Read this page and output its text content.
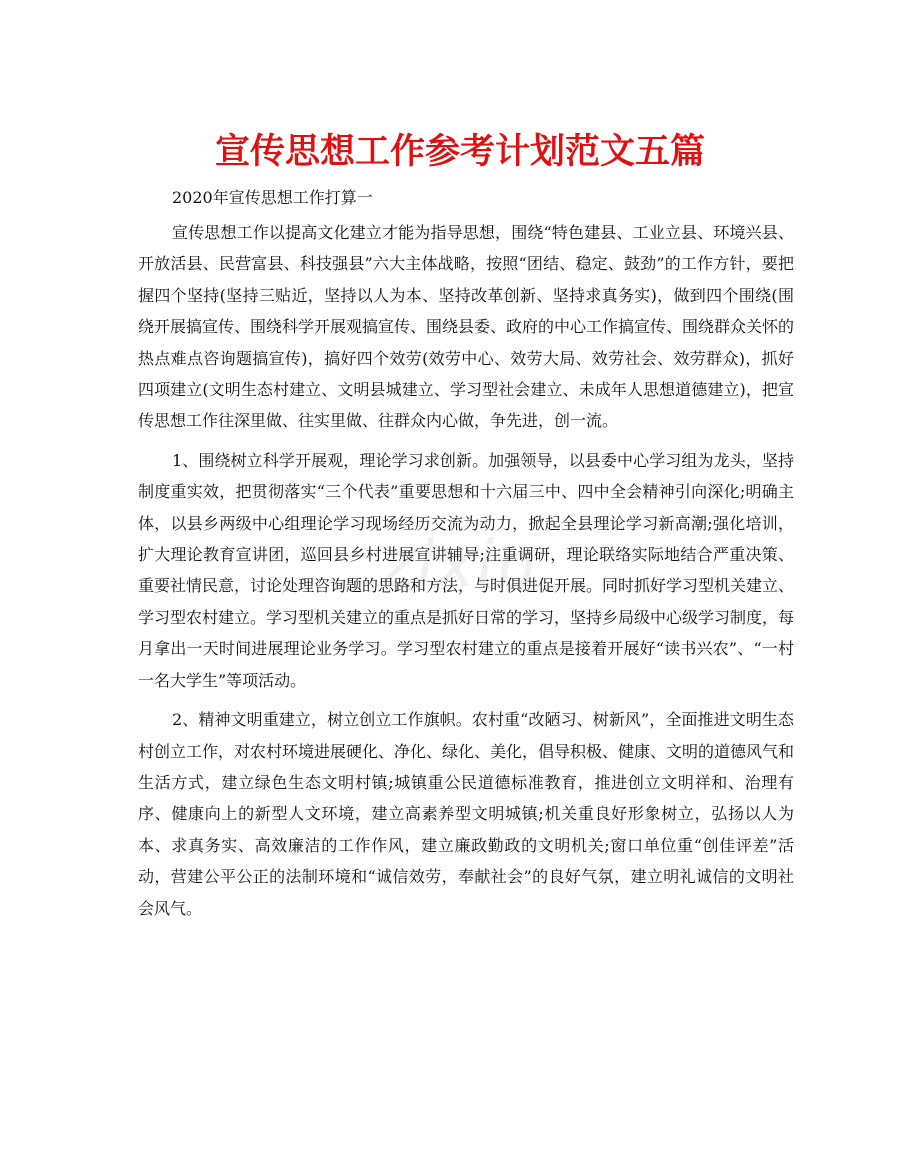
宣传思想工作参考计划范文五篇
zixin

2020年宣传思想工作打算一

宣传思想工作以提高文化建立才能为指导思想，围绕“特色建县、工业立县、环境兴县、开放活县、民营富县、科技强县”六大主体战略，按照“团结、稳定、鼓劲”的工作方针，要把握四个坚持(坚持三贴近，坚持以人为本、坚持改革创新、坚持求真务实)，做到四个围绕(围绕开展搞宣传、围绕科学开展观搞宣传、围绕县委、政府的中心工作搞宣传、围绕群众关怀的热点难点咨询题搞宣传)，搞好四个效劳(效劳中心、效劳大局、效劳社会、效劳群众)，抓好四项建立(文明生态村建立、文明县城建立、学习型社会建立、未成年人思想道德建立)，把宣传思想工作往深里做、往实里做、往群众内心做，争先进，创一流。

1、围绕树立科学开展观，理论学习求创新。加强领导，以县委中心学习组为龙头，坚持制度重实效，把贯彻落实“三个代表”重要思想和十六届三中、四中全会精神引向深化;明确主体，以县乡两级中心组理论学习现场经历交流为动力，掀起全县理论学习新高潮;强化培训，扩大理论教育宣讲团，巡回县乡村进展宣讲辅导;注重调研，理论联络实际地结合严重决策、重要社情民意，讨论处理咨询题的思路和方法，与时俱进促开展。同时抓好学习型机关建立、学习型农村建立。学习型机关建立的重点是抓好日常的学习，坚持乡局级中心级学习制度，每月拿出一天时间进展理论业务学习。学习型农村建立的重点是接着开展好“读书兴农”、“一村一名大学生”等项活动。

2、精神文明重建立，树立创立工作旗帜。农村重“改陋习、树新风”，全面推进文明生态村创立工作，对农村环境进展硬化、净化、绿化、美化，倡导积极、健康、文明的道德风气和生活方式，建立绿色生态文明村镇;城镇重公民道德标准教育，推进创立文明祥和、治理有序、健康向上的新型人文环境，建立高素养型文明城镇;机关重良好形象树立，弘扬以人为本、求真务实、高效廉洁的工作作风，建立廉政勤政的文明机关;窗口单位重“创佳评差”活动，营建公平公正的法制环境和“诚信效劳，奉献社会”的良好气氛，建立明礼诚信的文明社会风气。
